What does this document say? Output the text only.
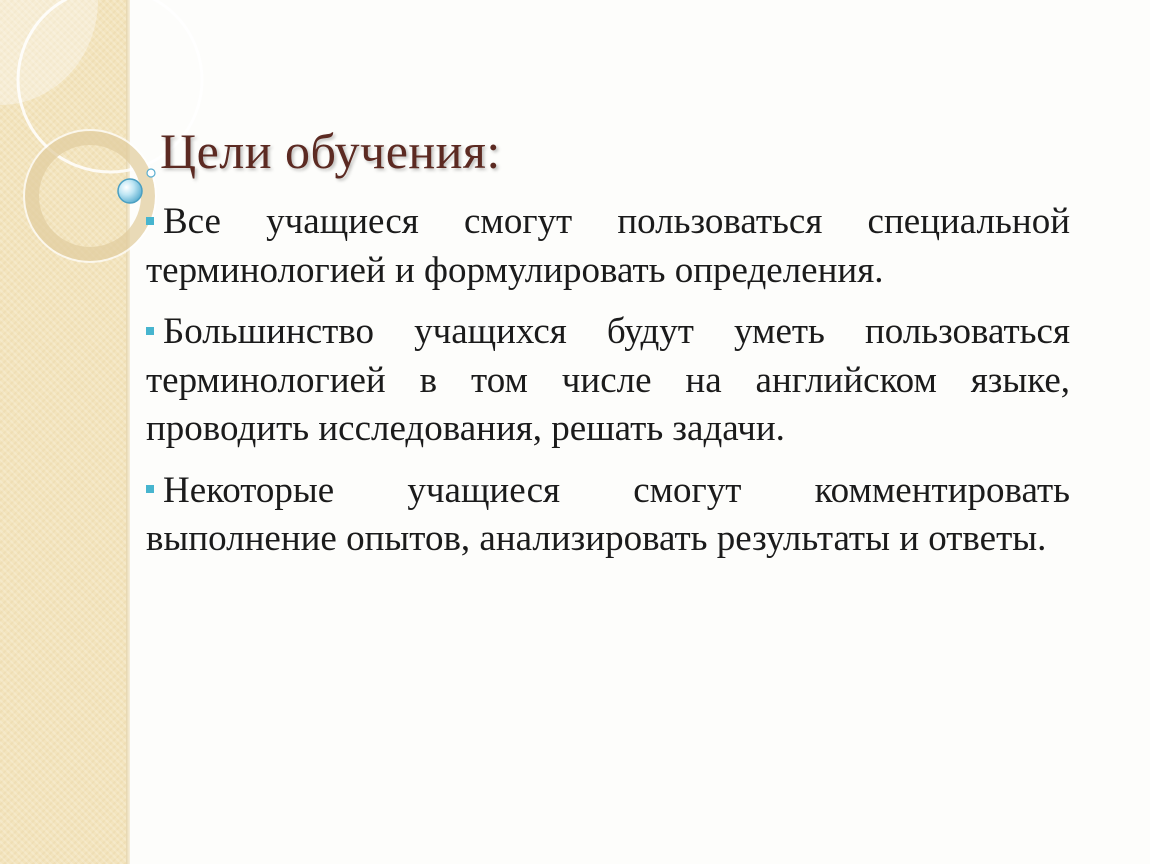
Цели обучения:
Все учащиеся смогут пользоваться специальной терминологией и формулировать определения.
Большинство учащихся будут уметь пользоваться терминологией в том числе на английском языке, проводить исследования, решать задачи.
Некоторые учащиеся смогут комментировать выполнение опытов, анализировать результаты и ответы.
